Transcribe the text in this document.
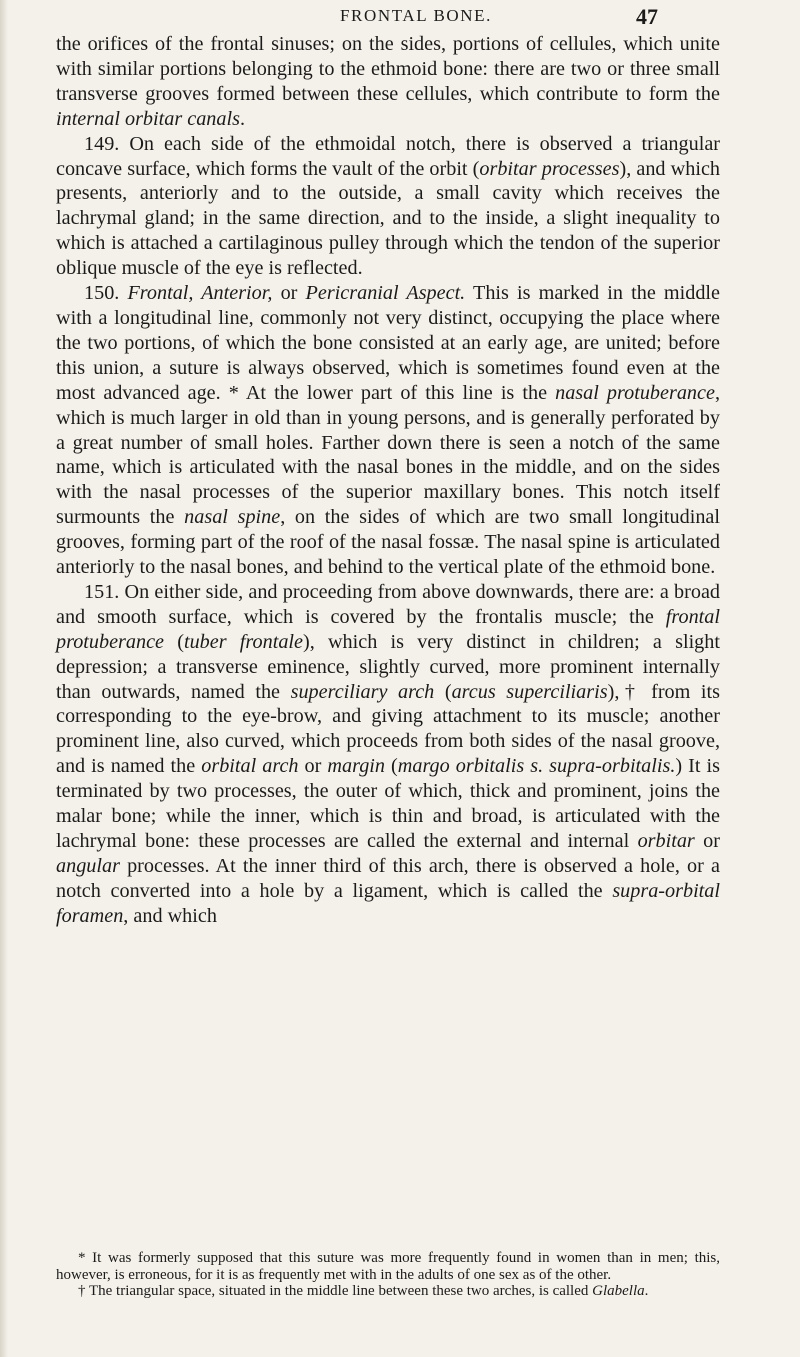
FRONTAL BONE.	47

the orifices of the frontal sinuses; on the sides, portions of cellules, which unite with similar portions belonging to the ethmoid bone: there are two or three small transverse grooves formed between these cellules, which contribute to form the internal orbitar canals.

149. On each side of the ethmoidal notch, there is observed a triangular concave surface, which forms the vault of the orbit (orbitar processes), and which presents, anteriorly and to the outside, a small cavity which receives the lachrymal gland; in the same direction, and to the inside, a slight inequality to which is attached a cartilaginous pulley through which the tendon of the superior oblique muscle of the eye is reflected.

150. Frontal, Anterior, or Pericranial Aspect. This is marked in the middle with a longitudinal line, commonly not very distinct, occupying the place where the two portions, of which the bone consisted at an early age, are united; before this union, a suture is always observed, which is sometimes found even at the most advanced age. * At the lower part of this line is the nasal protuberance, which is much larger in old than in young persons, and is generally perforated by a great number of small holes. Farther down there is seen a notch of the same name, which is articulated with the nasal bones in the middle, and on the sides with the nasal processes of the superior maxillary bones. This notch itself surmounts the nasal spine, on the sides of which are two small longitudinal grooves, forming part of the roof of the nasal fossæ. The nasal spine is articulated anteriorly to the nasal bones, and behind to the vertical plate of the ethmoid bone.

151. On either side, and proceeding from above downwards, there are: a broad and smooth surface, which is covered by the frontalis muscle; the frontal protuberance (tuber frontale), which is very distinct in children; a slight depression; a transverse eminence, slightly curved, more prominent internally than outwards, named the superciliary arch (arcus superciliaris),† from its corresponding to the eye-brow, and giving attachment to its muscle; another prominent line, also curved, which proceeds from both sides of the nasal groove, and is named the orbital arch or margin (margo orbitalis s. supra-orbitalis.) It is terminated by two processes, the outer of which, thick and prominent, joins the malar bone; while the inner, which is thin and broad, is articulated with the lachrymal bone: these processes are called the external and internal orbitar or angular processes. At the inner third of this arch, there is observed a hole, or a notch converted into a hole by a ligament, which is called the supra-orbital foramen, and which

* It was formerly supposed that this suture was more frequently found in women than in men; this, however, is erroneous, for it is as frequently met with in the adults of one sex as of the other.

† The triangular space, situated in the middle line between these two arches, is called Glabella.
